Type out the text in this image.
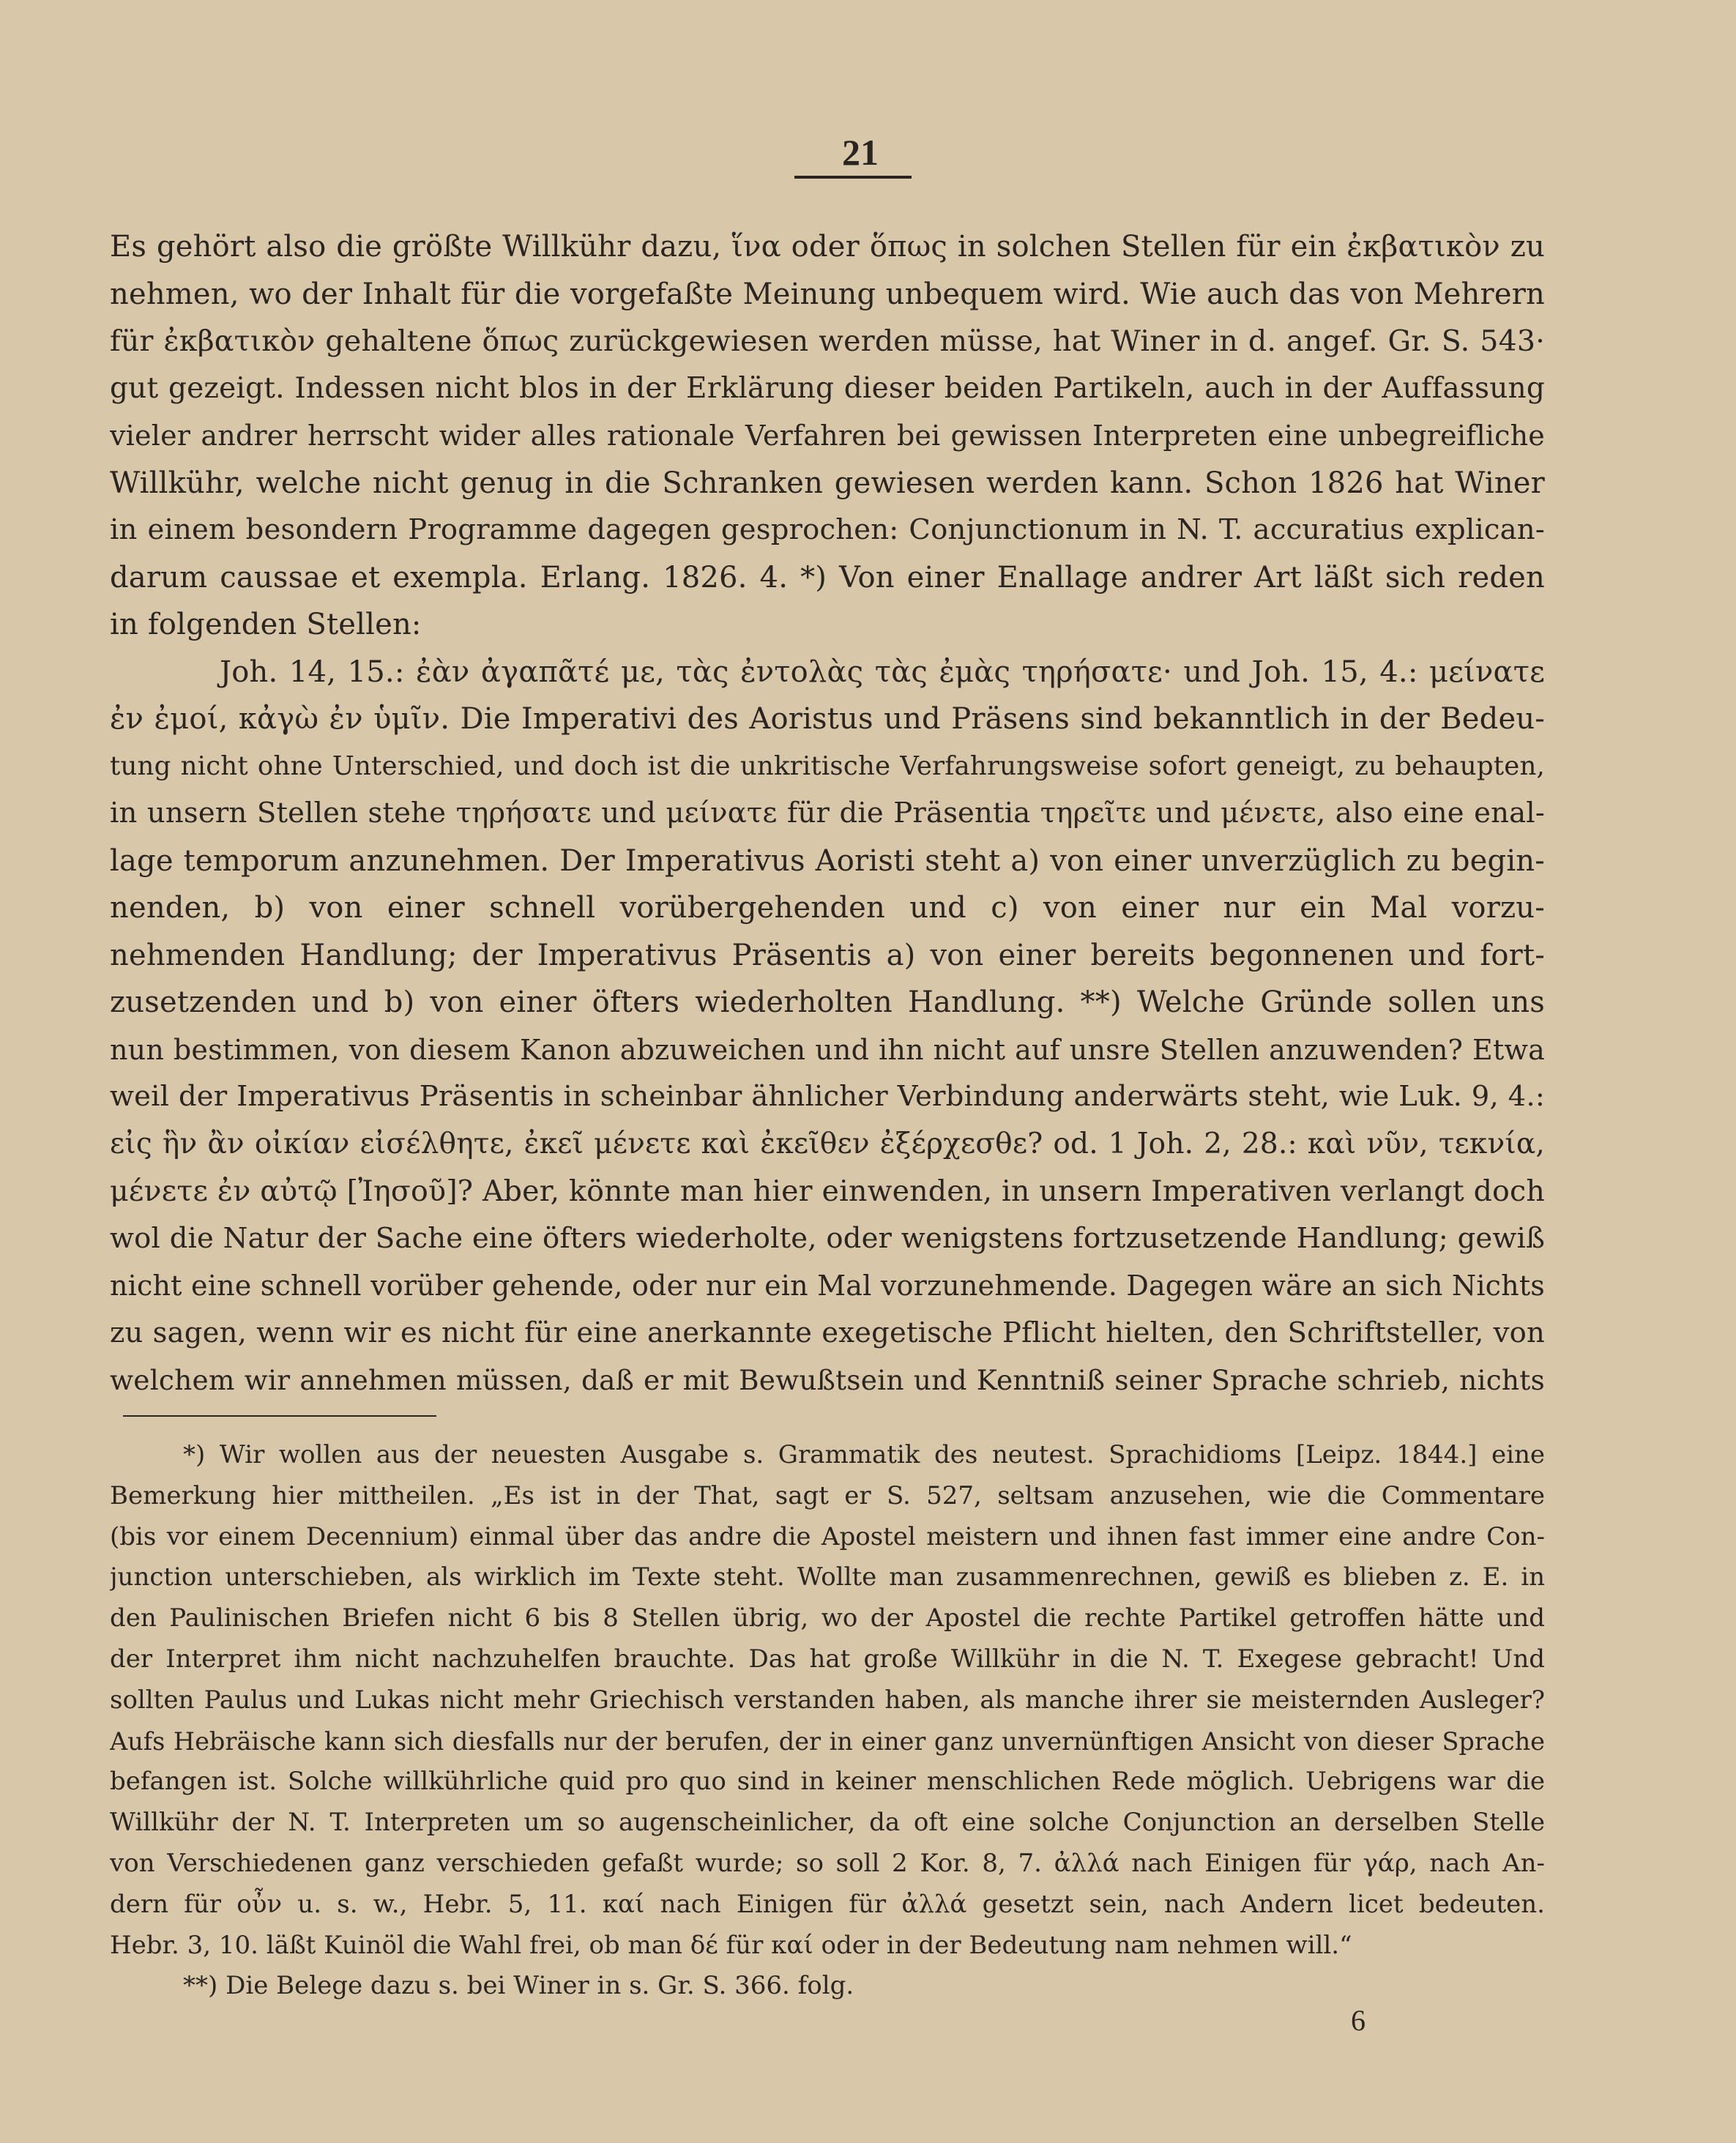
21
Es gehört also die größte Willkühr dazu, ἵνα oder ὅπως in solchen Stellen für ein ἐκβατικὸν zu
nehmen, wo der Inhalt für die vorgefaßte Meinung unbequem wird. Wie auch das von Mehrern
für ἐκβατικὸν gehaltene ὅπως zurückgewiesen werden müsse, hat Winer in d. angef. Gr. S. 543·
gut gezeigt. Indessen nicht blos in der Erklärung dieser beiden Partikeln, auch in der Auffassung
vieler andrer herrscht wider alles rationale Verfahren bei gewissen Interpreten eine unbegreifliche
Willkühr, welche nicht genug in die Schranken gewiesen werden kann. Schon 1826 hat Winer
in einem besondern Programme dagegen gesprochen: Conjunctionum in N. T. accuratius explican-
darum caussae et exempla. Erlang. 1826. 4. *) Von einer Enallage andrer Art läßt sich reden
in folgenden Stellen:
Joh. 14, 15.: ἐὰν ἀγαπᾶτέ με, τὰς ἐντολὰς τὰς ἐμὰς τηρήσατε· und Joh. 15, 4.: μείνατε
ἐν ἐμοί, κἀγὼ ἐν ὑμῖν. Die Imperativi des Aoristus und Präsens sind bekanntlich in der Bedeu-
tung nicht ohne Unterschied, und doch ist die unkritische Verfahrungsweise sofort geneigt, zu behaupten,
in unsern Stellen stehe τηρήσατε und μείνατε für die Präsentia τηρεῖτε und μένετε, also eine enal-
lage temporum anzunehmen. Der Imperativus Aoristi steht a) von einer unverzüglich zu begin-
nenden, b) von einer schnell vorübergehenden und c) von einer nur ein Mal vorzu-
nehmenden Handlung; der Imperativus Präsentis a) von einer bereits begonnenen und fort-
zusetzenden und b) von einer öfters wiederholten Handlung. **) Welche Gründe sollen uns
nun bestimmen, von diesem Kanon abzuweichen und ihn nicht auf unsre Stellen anzuwenden? Etwa
weil der Imperativus Präsentis in scheinbar ähnlicher Verbindung anderwärts steht, wie Luk. 9, 4.:
εἰς ἣν ἂν οἰκίαν εἰσέλθητε, ἐκεῖ μένετε καὶ ἐκεῖθεν ἐξέρχεσθε? od. 1 Joh. 2, 28.: καὶ νῦν, τεκνία,
μένετε ἐν αὐτῷ [Ἰησοῦ]? Aber, könnte man hier einwenden, in unsern Imperativen verlangt doch
wol die Natur der Sache eine öfters wiederholte, oder wenigstens fortzusetzende Handlung; gewiß
nicht eine schnell vorüber gehende, oder nur ein Mal vorzunehmende. Dagegen wäre an sich Nichts
zu sagen, wenn wir es nicht für eine anerkannte exegetische Pflicht hielten, den Schriftsteller, von
welchem wir annehmen müssen, daß er mit Bewußtsein und Kenntniß seiner Sprache schrieb, nichts
*) Wir wollen aus der neuesten Ausgabe s. Grammatik des neutest. Sprachidioms [Leipz. 1844.] eine
Bemerkung hier mittheilen. „Es ist in der That, sagt er S. 527, seltsam anzusehen, wie die Commentare
(bis vor einem Decennium) einmal über das andre die Apostel meistern und ihnen fast immer eine andre Con-
junction unterschieben, als wirklich im Texte steht. Wollte man zusammenrechnen, gewiß es blieben z. E. in
den Paulinischen Briefen nicht 6 bis 8 Stellen übrig, wo der Apostel die rechte Partikel getroffen hätte und
der Interpret ihm nicht nachzuhelfen brauchte. Das hat große Willkühr in die N. T. Exegese gebracht! Und
sollten Paulus und Lukas nicht mehr Griechisch verstanden haben, als manche ihrer sie meisternden Ausleger?
Aufs Hebräische kann sich diesfalls nur der berufen, der in einer ganz unvernünftigen Ansicht von dieser Sprache
befangen ist. Solche willkührliche quid pro quo sind in keiner menschlichen Rede möglich. Uebrigens war die
Willkühr der N. T. Interpreten um so augenscheinlicher, da oft eine solche Conjunction an derselben Stelle
von Verschiedenen ganz verschieden gefaßt wurde; so soll 2 Kor. 8, 7. ἀλλά nach Einigen für γάρ, nach An-
dern für οὖν u. s. w., Hebr. 5, 11. καί nach Einigen für ἀλλά gesetzt sein, nach Andern licet bedeuten.
Hebr. 3, 10. läßt Kuinöl die Wahl frei, ob man δέ für καί oder in der Bedeutung nam nehmen will.“
**) Die Belege dazu s. bei Winer in s. Gr. S. 366. folg.
6
